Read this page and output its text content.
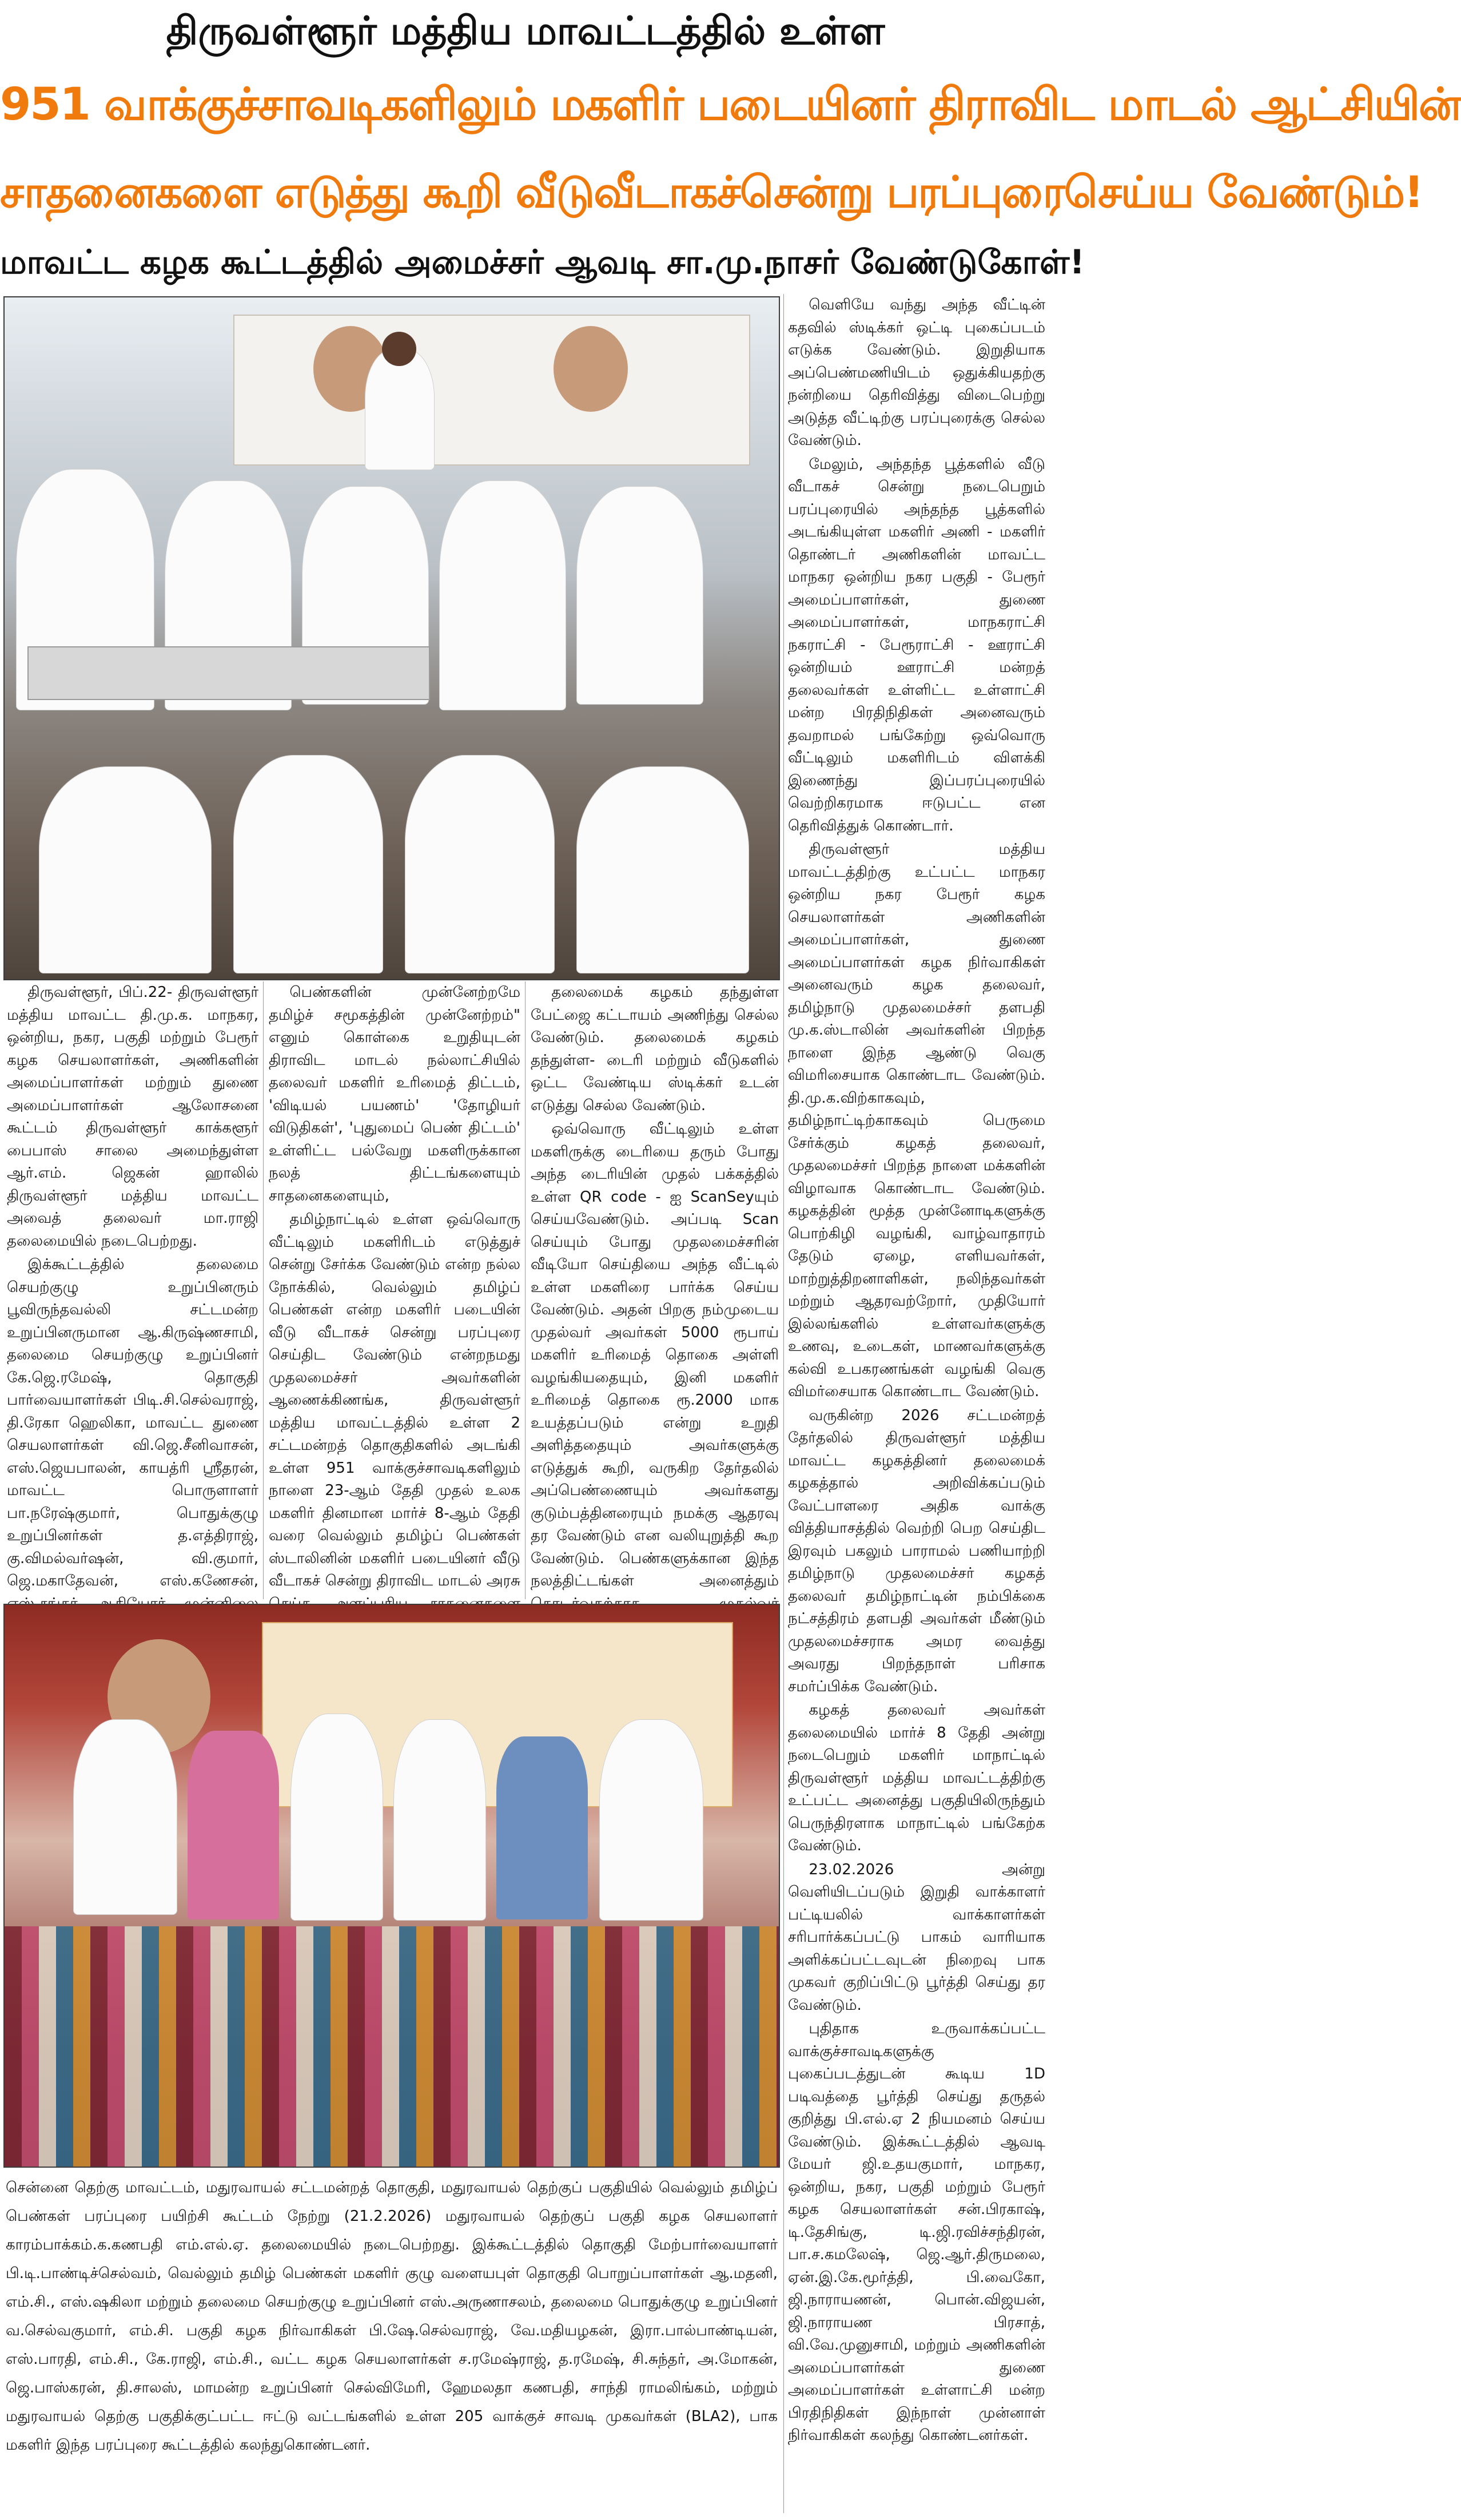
திருவள்ளூர் மத்திய மாவட்டத்தில் உள்ள
951 வாக்குச்சாவடிகளிலும் மகளிர் படையினர் திராவிட மாடல் ஆட்சியின்
சாதனைகளை எடுத்து கூறி வீடுவீடாகச்சென்று பரப்புரைசெய்ய வேண்டும்!
மாவட்ட கழக கூட்டத்தில் அமைச்சர் ஆவடி சா.மு.நாசர் வேண்டுகோள்!

திருவள்ளூர், பிப்.22- திருவள்ளூர் மத்திய மாவட்ட தி.மு.க. மாநகர, ஒன்றிய, நகர, பகுதி மற்றும் பேரூர் கழக செயலாளர்கள், அணிகளின் அமைப்பாளர்கள் மற்றும் துணை அமைப்பாளர்கள் ஆலோசனை கூட்டம் திருவள்ளூர் காக்களூர் பைபாஸ் சாலை அமைந்துள்ள ஆர்.எம். ஜெகன் ஹாலில் திருவள்ளூர் மத்திய மாவட்ட அவைத் தலைவர் மா.ராஜி தலைமையில் நடைபெற்றது.

இக்கூட்டத்தில் தலைமை செயற்குழு உறுப்பினரும் பூவிருந்தவல்லி சட்டமன்ற உறுப்பினருமான ஆ.கிருஷ்ணசாமி, தலைமை செயற்குழு உறுப்பினர் கே.ஜெ.ரமேஷ், தொகுதி பார்வையாளர்கள் பிடி.சி.செல்வராஜ், தி.ரேகா ஹெலிகா, மாவட்ட துணை செயலாளர்கள் வி.ஜெ.சீனிவாசன், எஸ்.ஜெயபாலன், காயத்ரி ஸ்ரீதரன், மாவட்ட பொருளாளர் பா.நரேஷ்குமார், பொதுக்குழு உறுப்பினர்கள் த.எத்திராஜ், கு.விமல்வர்ஷன், வி.குமார், ஜெ.மகாதேவன், எஸ்.கணேசன்,

பெண்களின் முன்னேற்றமே தமிழ்ச் சமூகத்தின் முன்னேற்றம்" எனும் கொள்கை உறுதியுடன் திராவிட மாடல் நல்லாட்சியில் தலைவர் மகளிர் உரிமைத் திட்டம், 'விடியல் பயணம்' 'தோழியர் விடுதிகள்', 'புதுமைப் பெண் திட்டம்' உள்ளிட்ட பல்வேறு மகளிருக்கான நலத் திட்டங்களையும் சாதனைகளையும்,

தமிழ்நாட்டில் உள்ள ஒவ்வொரு வீட்டிலும் மகளிரிடம் எடுத்துச் சென்று சேர்க்க வேண்டும் என்ற நல்ல நோக்கில், வெல்லும் தமிழ்ப் பெண்கள் என்ற மகளிர் படையின் வீடு வீடாகச் சென்று பரப்புரை செய்திட வேண்டும் என்றநமது முதலமைச்சர் அவர்களின் ஆணைக்கிணங்க, திருவள்ளூர் மத்திய மாவட்டத்தில் உள்ள 2 சட்டமன்றத் தொகுதிகளில் அடங்கி உள்ள 951 வாக்குச்சாவடிகளிலும் நாளை 23-ஆம் தேதி முதல் உலக மகளிர் தினமான மார்ச் 8-ஆம் தேதி வரை வெல்லும் தமிழ்ப் பெண்கள் ஸ்டாலினின் மகளிர் படையினர் வீடு வீடாகச் சென்று திராவிட மாடல் அரசு

தலைமைக் கழகம் தந்துள்ள பேட்ஜை கட்டாயம் அணிந்து செல்ல வேண்டும். தலைமைக் கழகம் தந்துள்ள- டைரி மற்றும் வீடுகளில் ஒட்ட வேண்டிய ஸ்டிக்கர் உடன் எடுத்து செல்ல வேண்டும்.

ஒவ்வொரு வீட்டிலும் உள்ள மகளிருக்கு டைரியை தரும் போது அந்த டைரியின் முதல் பக்கத்தில் உள்ள QR code - ஐ ScanSeyயும் செய்யவேண்டும். அப்படி Scan செய்யும் போது முதலமைச்சரின் வீடியோ செய்தியை அந்த வீட்டில் உள்ள மகளிரை பார்க்க செய்ய வேண்டும். அதன் பிறகு நம்முடைய முதல்வர் அவர்கள் 5000 ரூபாய் மகளிர் உரிமைத் தொகை அள்ளி வழங்கியதையும், இனி மகளிர் உரிமைத் தொகை ரூ.2000 மாக உயத்தப்படும் என்று உறுதி அளித்ததையும் அவர்களுக்கு எடுத்துக் கூறி, வருகிற தேர்தலில் அப்பெண்ணையும் அவர்களது குடும்பத்தினரையும் நமக்கு ஆதரவு தர வேண்டும் என வலியுறுத்தி கூற வேண்டும். பெண்களுக்கான இந்த நலத்திட்டங்கள் அனைத்தும்

வெளியே வந்து அந்த வீட்டின் கதவில் ஸ்டிக்கர் ஒட்டி புகைப்படம் எடுக்க வேண்டும். இறுதியாக அப்பெண்மணியிடம் ஒதுக்கியதற்கு நன்றியை தெரிவித்து விடைபெற்று அடுத்த வீட்டிற்கு பரப்புரைக்கு செல்ல வேண்டும்.

மேலும், அந்தந்த பூத்களில் வீடு வீடாகச் சென்று நடைபெறும் பரப்புரையில் அந்தந்த பூத்களில் அடங்கியுள்ள மகளிர் அணி - மகளிர் தொண்டர் அணிகளின் மாவட்ட மாநகர ஒன்றிய நகர பகுதி - பேரூர் அமைப்பாளர்கள், துணை அமைப்பாளர்கள், மாநகராட்சி நகராட்சி - பேரூராட்சி - ஊராட்சி ஒன்றியம் ஊராட்சி மன்றத் தலைவர்கள் உள்ளிட்ட உள்ளாட்சி மன்ற பிரதிநிதிகள் அனைவரும் தவறாமல் பங்கேற்று ஒவ்வொரு வீட்டிலும் மகளிரிடம் விளக்கி இணைந்து இப்பரப்புரையில் வெற்றிகரமாக ஈடுபட்ட என தெரிவித்துக் கொண்டார்.

திருவள்ளூர் மத்திய மாவட்டத்திற்கு உட்பட்ட மாநகர ஒன்றிய நகர பேரூர் கழக செயலாளர்கள் அணிகளின் அமைப்பாளர்கள், துணை அமைப்பாளர்கள் கழக நிர்வாகிகள் அனைவரும் கழக தலைவர், தமிழ்நாடு முதலமைச்சர் தளபதி மு.க.ஸ்டாலின் அவர்களின் பிறந்த நாளை இந்த ஆண்டு வெகு விமரிசையாக கொண்டாட வேண்டும். தி.மு.க.விற்காகவும், தமிழ்நாட்டிற்காகவும் பெருமை சேர்க்கும் கழகத் தலைவர், முதலமைச்சர் பிறந்த நாளை மக்களின் விழாவாக கொண்டாட வேண்டும். கழகத்தின் மூத்த முன்னோடிகளுக்கு பொற்கிழி வழங்கி, வாழ்வாதாரம் தேடும் ஏழை, எளியவர்கள், மாற்றுத்திறனாளிகள், நலிந்தவர்கள் மற்றும் ஆதரவற்றோர், முதியோர் இல்லங்களில் உள்ளவர்களுக்கு உணவு, உடைகள், மாணவர்களுக்கு கல்வி உபகரணங்கள் வழங்கி வெகு விமர்சையாக கொண்டாட வேண்டும்.

வருகின்ற 2026 சட்டமன்றத் தேர்தலில் திருவள்ளூர் மத்திய மாவட்ட கழகத்தினர் தலைமைக் கழகத்தால் அறிவிக்கப்படும் வேட்பாளரை அதிக வாக்கு வித்தியாசத்தில் வெற்றி பெற செய்திட இரவும் பகலும் பாராமல் பணியாற்றி தமிழ்நாடு முதலமைச்சர் கழகத் தலைவர் தமிழ்நாட்டின் நம்பிக்கை நட்சத்திரம் தளபதி அவர்கள் மீண்டும் முதலமைச்சராக அமர வைத்து அவரது பிறந்தநாள் பரிசாக சமர்ப்பிக்க வேண்டும்.

கழகத் தலைவர் அவர்கள் தலைமையில் மார்ச் 8 தேதி அன்று நடைபெறும் மகளிர் மாநாட்டில் திருவள்ளூர் மத்திய மாவட்டத்திற்கு உட்பட்ட அனைத்து பகுதியிலிருந்தும் பெருந்திரளாக மாநாட்டில் பங்கேற்க வேண்டும்.

23.02.2026 அன்று வெளியிடப்படும் இறுதி வாக்காளர் பட்டியலில் வாக்காளர்கள் சரிபார்க்கப்பட்டு பாகம் வாரியாக அளிக்கப்பட்டவுடன் நிறைவு பாக முகவர் குறிப்பிட்டு பூர்த்தி செய்து தர வேண்டும்.

புதிதாக உருவாக்கப்பட்ட வாக்குச்சாவடிகளுக்கு புகைப்படத்துடன் கூடிய 1D படிவத்தை பூர்த்தி செய்து தருதல் குறித்து பி.எல்.ஏ 2 நியமனம் செய்ய வேண்டும். இக்கூட்டத்தில் ஆவடி மேயர் ஜி.உதயகுமார், மாநகர, ஒன்றிய, நகர, பகுதி மற்றும் பேரூர் கழக செயலாளர்கள் சன்.பிரகாஷ், டி.தேசிங்கு, டி.ஜி.ரவிச்சந்திரன், பா.ச.கமலேஷ், ஜெ.ஆர்.திருமலை, ஏன்.இ.கே.மூர்த்தி, பி.வைகோ, ஜி.நாராயணன், பொன்.விஜயன், ஜி.நாராயண பிரசாத், வி.வே.முனுசாமி, மற்றும் அணிகளின் அமைப்பாளர்கள் துணை அமைப்பாளர்கள் உள்ளாட்சி மன்ற பிரதிநிதிகள் இந்நாள் முன்னாள் நிர்வாகிகள் கலந்து கொண்டனர்கள்.

சென்னை தெற்கு மாவட்டம், மதுரவாயல் சட்டமன்றத் தொகுதி, மதுரவாயல் தெற்குப் பகுதியில் வெல்லும் தமிழ்ப் பெண்கள் பரப்புரை பயிற்சி கூட்டம் நேற்று (21.2.2026) மதுரவாயல் தெற்குப் பகுதி கழக செயலாளர் காரம்பாக்கம்.க.கணபதி எம்.எல்.ஏ. தலைமையில் நடைபெற்றது. இக்கூட்டத்தில் தொகுதி மேற்பார்வையாளர் பி.டி.பாண்டிச்செல்வம், வெல்லும் தமிழ் பெண்கள் மகளிர் குழு வளையபுள் தொகுதி பொறுப்பாளர்கள் ஆ.மதனி, எம்.சி., எஸ்.ஷகிலா மற்றும் தலைமை செயற்குழு உறுப்பினர் எஸ்.அருணாசலம், தலைமை பொதுக்குழு உறுப்பினர் வ.செல்வகுமார், எம்.சி. பகுதி கழக நிர்வாகிகள் பி.ஷே.செல்வராஜ், வே.மதியழகன், இரா.பால்பாண்டியன், எஸ்.பாரதி, எம்.சி., கே.ராஜி, எம்.சி., வட்ட கழக செயலாளர்கள் ச.ரமேஷ்ராஜ், த.ரமேஷ், சி.சுந்தர், அ.மோகன், ஜெ.பாஸ்கரன், தி.சாலஸ், மாமன்ற உறுப்பினர் செல்விமேரி, ஹேமலதா கணபதி, சாந்தி ராமலிங்கம், மற்றும் மதுரவாயல் தெற்கு பகுதிக்குட்பட்ட ஈட்டு வட்டங்களில் உள்ள 205 வாக்குச் சாவடி முகவர்கள் (BLA2), பாக மகளிர் இந்த பரப்புரை கூட்டத்தில் கலந்துகொண்டனர்.
